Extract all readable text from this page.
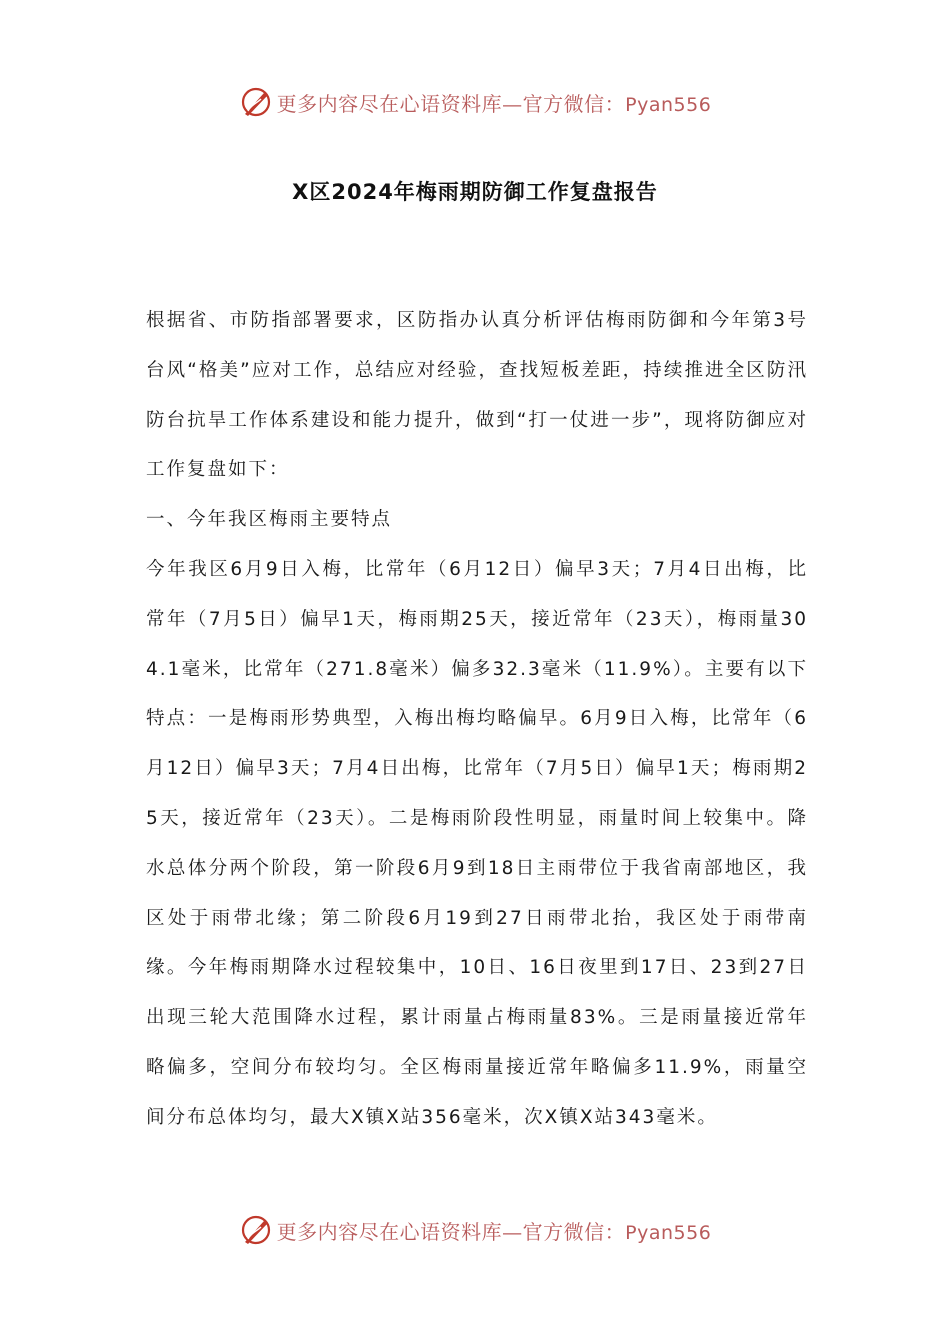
更多内容尽在心语资料库—官方微信：Pyan556
X区2024年梅雨期防御工作复盘报告

根据省、市防指部署要求，区防指办认真分析评估梅雨防御和今年第3号台风“格美”应对工作，总结应对经验，查找短板差距，持续推进全区防汛防台抗旱工作体系建设和能力提升，做到“打一仗进一步”，现将防御应对工作复盘如下：

一、今年我区梅雨主要特点

今年我区6月9日入梅，比常年（6月12日）偏早3天；7月4日出梅，比常年（7月5日）偏早1天，梅雨期25天，接近常年（23天），梅雨量304.1毫米，比常年（271.8毫米）偏多32.3毫米（11.9%）。主要有以下特点：一是梅雨形势典型，入梅出梅均略偏早。6月9日入梅，比常年（6月12日）偏早3天；7月4日出梅，比常年（7月5日）偏早1天；梅雨期25天，接近常年（23天）。二是梅雨阶段性明显，雨量时间上较集中。降水总体分两个阶段，第一阶段6月9到18日主雨带位于我省南部地区，我区处于雨带北缘；第二阶段6月19到27日雨带北抬，我区处于雨带南缘。今年梅雨期降水过程较集中，10日、16日夜里到17日、23到27日出现三轮大范围降水过程，累计雨量占梅雨量83%。三是雨量接近常年略偏多，空间分布较均匀。全区梅雨量接近常年略偏多11.9%，雨量空间分布总体均匀，最大X镇X站356毫米，次X镇X站343毫米。

更多内容尽在心语资料库—官方微信：Pyan556
